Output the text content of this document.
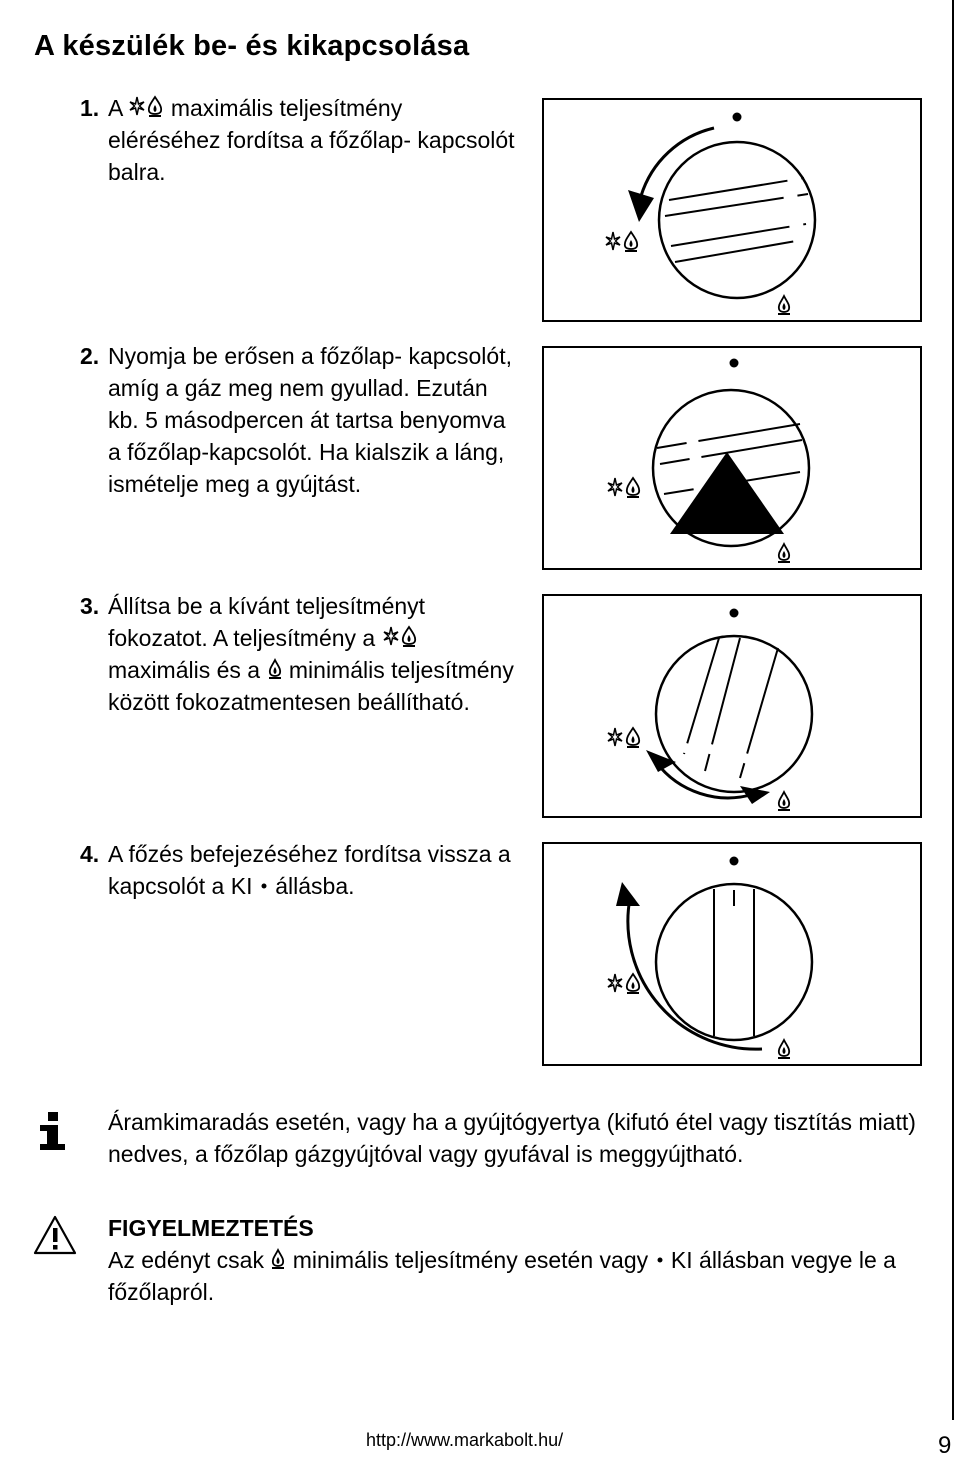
A készülék be- és kikapcsolása
1. A maximális teljesítmény eléréséhez fordítsa a főzőlap- kapcsolót balra.
2. Nyomja be erősen a főzőlap- kapcsolót, amíg a gáz meg nem gyullad. Ezután kb. 5 másodpercen át tartsa benyomva a főzőlap-kapcsolót. Ha kialszik a láng, ismételje meg a gyújtást.
3. Állítsa be a kívánt teljesítményt fokozatot. A teljesítmény a  maximális és a minimális teljesítmény között fokozatmentesen beállítható.
4. A főzés befejezéséhez fordítsa vissza a kapcsolót a KI állásba.
Áramkimaradás esetén, vagy ha a gyújtógyertya (kifutó étel vagy tisztítás miatt) nedves, a főzőlap gázgyújtóval vagy gyufával is meggyújtható.
FIGYELMEZTETÉS
Az edényt csak minimális teljesítmény esetén vagy KI állásban vegye le a főzőlapról.
http://www.markabolt.hu/	9
